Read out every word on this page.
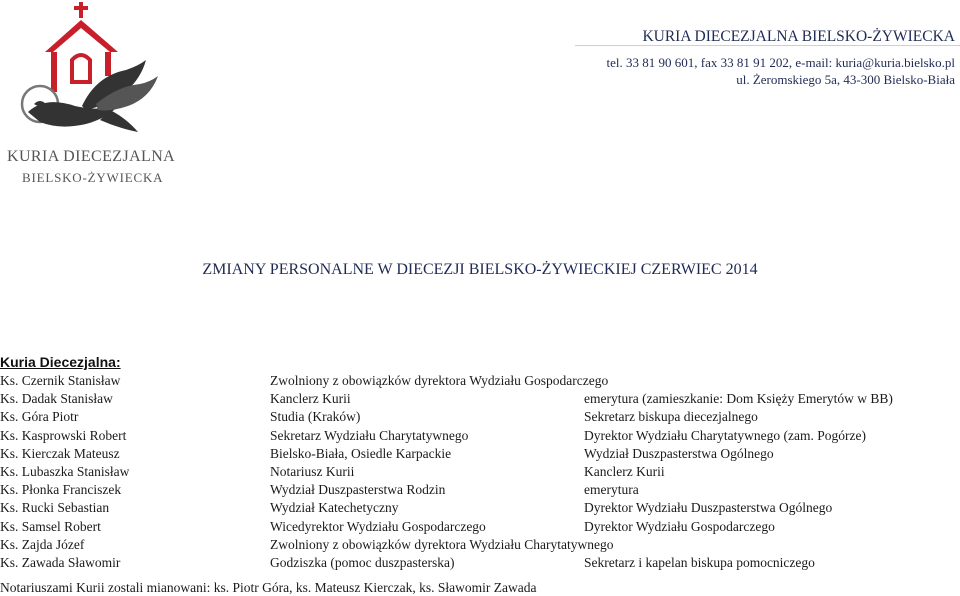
KURIA DIECEZJALNA
BIELSKO-ŻYWIECKA
KURIA DIECEZJALNA BIELSKO-ŻYWIECKA
tel. 33 81 90 601, fax 33 81 91 202, e-mail: kuria@kuria.bielsko.pl
ul. Żeromskiego 5a, 43-300 Bielsko-Biała
ZMIANY PERSONALNE W DIECEZJI BIELSKO-ŻYWIECKIEJ CZERWIEC 2014
Kuria Diecezjalna:
Ks. Czernik Stanisław	Zwolniony z obowiązków dyrektora Wydziału Gospodarczego
Ks. Dadak Stanisław	Kanclerz Kurii	emerytura (zamieszkanie: Dom Księży Emerytów w BB)
Ks. Góra Piotr	Studia (Kraków)	Sekretarz biskupa diecezjalnego
Ks. Kasprowski Robert	Sekretarz Wydziału Charytatywnego	Dyrektor Wydziału Charytatywnego (zam. Pogórze)
Ks. Kierczak Mateusz	Bielsko-Biała, Osiedle Karpackie	Wydział Duszpasterstwa Ogólnego
Ks. Lubaszka Stanisław	Notariusz Kurii	Kanclerz Kurii
Ks. Płonka Franciszek	Wydział Duszpasterstwa Rodzin	emerytura
Ks. Rucki Sebastian	Wydział Katechetyczny	Dyrektor Wydziału Duszpasterstwa Ogólnego
Ks. Samsel Robert	Wicedyrektor Wydziału Gospodarczego	Dyrektor Wydziału Gospodarczego
Ks. Zajda Józef	Zwolniony z obowiązków dyrektora Wydziału Charytatywnego
Ks. Zawada Sławomir	Godziszka (pomoc duszpasterska)	Sekretarz i kapelan biskupa pomocniczego
Notariuszami Kurii zostali mianowani: ks. Piotr Góra, ks. Mateusz Kierczak, ks. Sławomir Zawada
